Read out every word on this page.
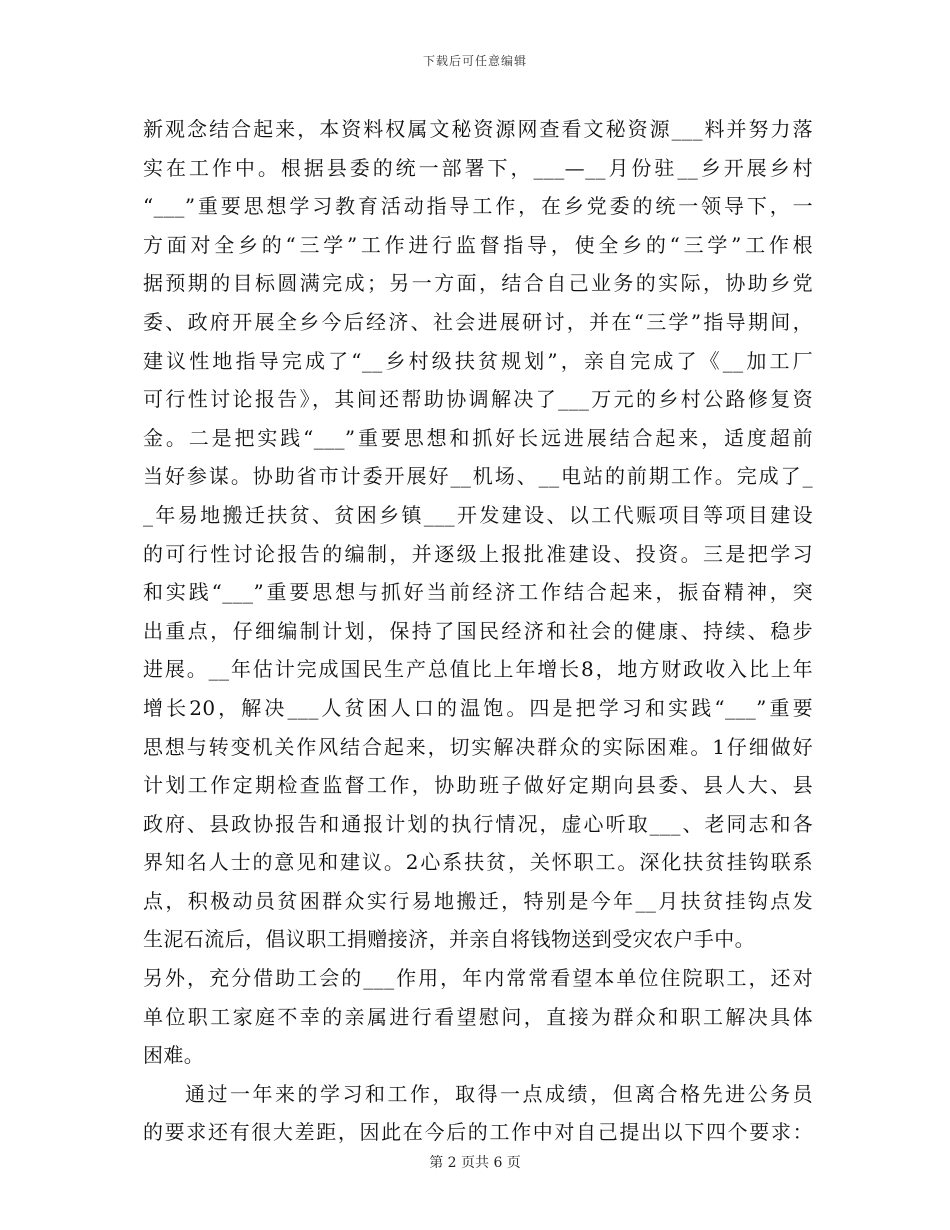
下载后可任意编辑
新观念结合起来，本资料权属文秘资源网查看文秘资源___料并努力落
实在工作中。根据县委的统一部署下，___—__月份驻__乡开展乡村
“___”重要思想学习教育活动指导工作，在乡党委的统一领导下，一
方面对全乡的“三学”工作进行监督指导，使全乡的“三学”工作根
据预期的目标圆满完成；另一方面，结合自己业务的实际，协助乡党
委、政府开展全乡今后经济、社会进展研讨，并在“三学”指导期间，
建议性地指导完成了“__乡村级扶贫规划”，亲自完成了《__加工厂
可行性讨论报告》，其间还帮助协调解决了___万元的乡村公路修复资
金。二是把实践“___”重要思想和抓好长远进展结合起来，适度超前
当好参谋。协助省市计委开展好__机场、__电站的前期工作。完成了_
_年易地搬迁扶贫、贫困乡镇___开发建设、以工代赈项目等项目建设
的可行性讨论报告的编制，并逐级上报批准建设、投资。三是把学习
和实践“___”重要思想与抓好当前经济工作结合起来，振奋精神，突
出重点，仔细编制计划，保持了国民经济和社会的健康、持续、稳步
进展。__年估计完成国民生产总值比上年增长8，地方财政收入比上年
增长20，解决___人贫困人口的温饱。四是把学习和实践“___”重要
思想与转变机关作风结合起来，切实解决群众的实际困难。1仔细做好
计划工作定期检查监督工作，协助班子做好定期向县委、县人大、县
政府、县政协报告和通报计划的执行情况，虚心听取___、老同志和各
界知名人士的意见和建议。2心系扶贫，关怀职工。深化扶贫挂钩联系
点，积极动员贫困群众实行易地搬迁，特别是今年__月扶贫挂钩点发
生泥石流后，倡议职工捐赠接济，并亲自将钱物送到受灾农户手中。
另外，充分借助工会的___作用，年内常常看望本单位住院职工，还对
单位职工家庭不幸的亲属进行看望慰问，直接为群众和职工解决具体
困难。
通过一年来的学习和工作，取得一点成绩，但离合格先进公务员
的要求还有很大差距，因此在今后的工作中对自己提出以下四个要求：
第 2 页共 6 页
